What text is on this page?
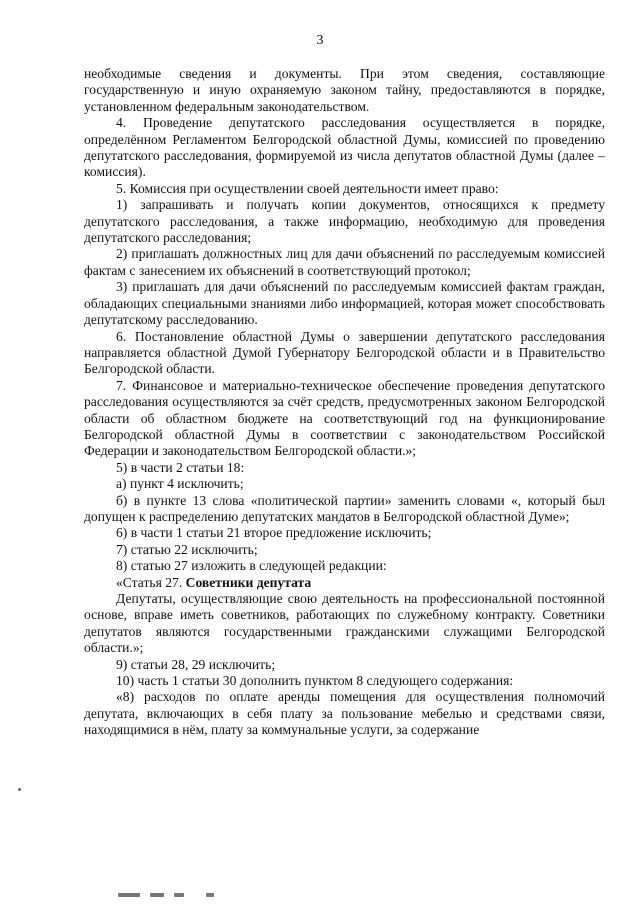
3

необходимые сведения и документы. При этом сведения, составляющие государственную и иную охраняемую законом тайну, предоставляются в порядке, установленном федеральным законодательством.

4. Проведение депутатского расследования осуществляется в порядке, определённом Регламентом Белгородской областной Думы, комиссией по проведению депутатского расследования, формируемой из числа депутатов областной Думы (далее – комиссия).

5. Комиссия при осуществлении своей деятельности имеет право:

1) запрашивать и получать копии документов, относящихся к предмету депутатского расследования, а также информацию, необходимую для проведения депутатского расследования;

2) приглашать должностных лиц для дачи объяснений по расследуемым комиссией фактам с занесением их объяснений в соответствующий протокол;

3) приглашать для дачи объяснений по расследуемым комиссией фактам граждан, обладающих специальными знаниями либо информацией, которая может способствовать депутатскому расследованию.

6. Постановление областной Думы о завершении депутатского расследования направляется областной Думой Губернатору Белгородской области и в Правительство Белгородской области.

7. Финансовое и материально-техническое обеспечение проведения депутатского расследования осуществляются за счёт средств, предусмотренных законом Белгородской области об областном бюджете на соответствующий год на функционирование Белгородской областной Думы в соответствии с законодательством Российской Федерации и законодательством Белгородской области.»;

5) в части 2 статьи 18:

а) пункт 4 исключить;

б) в пункте 13 слова «политической партии» заменить словами «, который был допущен к распределению депутатских мандатов в Белгородской областной Думе»;

6) в части 1 статьи 21 второе предложение исключить;

7) статью 22 исключить;

8) статью 27 изложить в следующей редакции:

«Статья 27. Советники депутата

Депутаты, осуществляющие свою деятельность на профессиональной постоянной основе, вправе иметь советников, работающих по служебному контракту. Советники депутатов являются государственными гражданскими служащими Белгородской области.»;

9) статьи 28, 29 исключить;

10) часть 1 статьи 30 дополнить пунктом 8 следующего содержания:

«8) расходов по оплате аренды помещения для осуществления полномочий депутата, включающих в себя плату за пользование мебелью и средствами связи, находящимися в нём, плату за коммунальные услуги, за содержание
